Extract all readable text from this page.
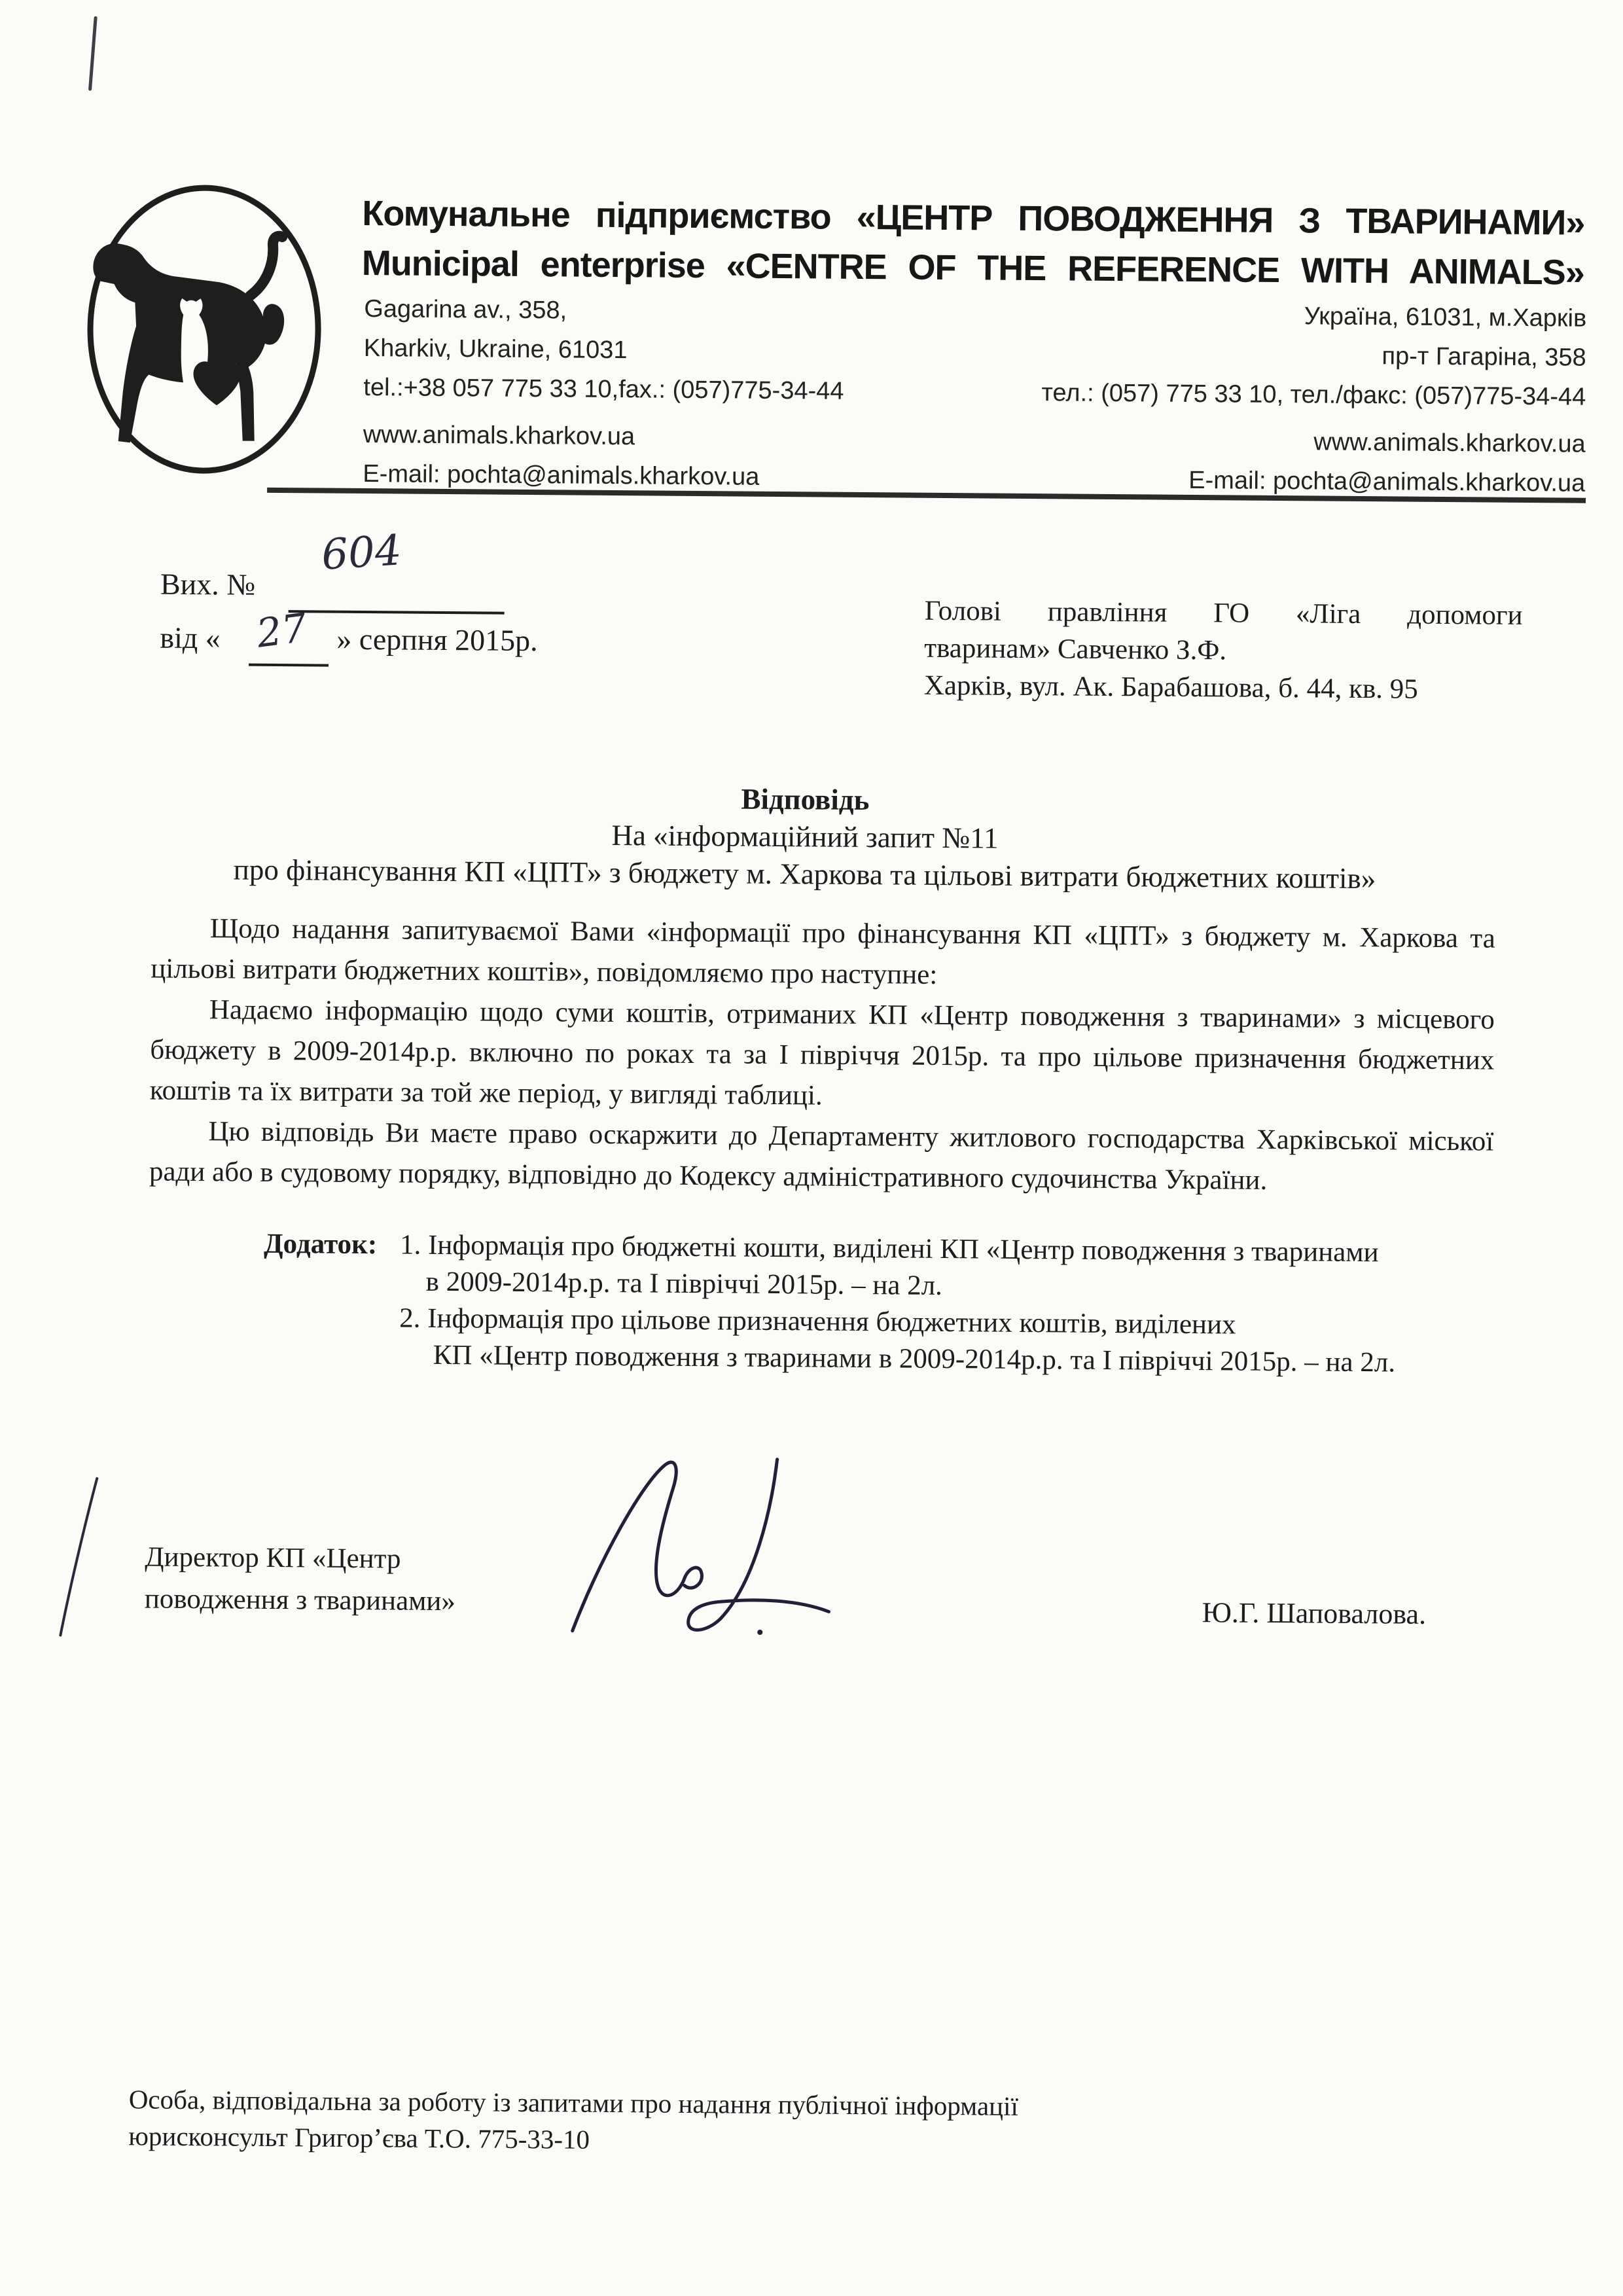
Комунальне підприємство «ЦЕНТР ПОВОДЖЕННЯ З ТВАРИНАМИ»
Municipal enterprise «CENTRE OF THE REFERENCE WITH ANIMALS»
Gagarina av., 358,
Kharkiv, Ukraine, 61031
tel.:+38 057 775 33 10,fax.: (057)775-34-44
www.animals.kharkov.ua
E-mail: pochta@animals.kharkov.ua
Україна, 61031, м.Харків
пр-т Гагаріна, 358
тел.: (057) 775 33 10, тел./факс: (057)775-34-44
www.animals.kharkov.ua
E-mail: pochta@animals.kharkov.ua
Вих. №
604
від « 27 » серпня 2015р.
Голові правління ГО «Ліга допомоги
тваринам» Савченко З.Ф.
Харків, вул. Ак. Барабашова, б. 44, кв. 95
Відповідь
На «інформаційний запит №11
про фінансування КП «ЦПТ» з бюджету м. Харкова та цільові витрати бюджетних коштів»

Щодо надання запитуваємої Вами «інформації про фінансування КП «ЦПТ» з бюджету м. Харкова та цільові витрати бюджетних коштів», повідомляємо про наступне:

Надаємо інформацію щодо суми коштів, отриманих КП «Центр поводження з тваринами» з місцевого бюджету в 2009-2014р.р. включно по роках та за І півріччя 2015р. та про цільове призначення бюджетних коштів та їх витрати за той же період, у вигляді таблиці.

Цю відповідь Ви маєте право оскаржити до Департаменту житлового господарства Харківської міської ради або в судовому порядку, відповідно до Кодексу адміністративного судочинства України.

Додаток: 1. Інформація про бюджетні кошти, виділені КП «Центр поводження з тваринами
в 2009-2014р.р. та І півріччі 2015р. – на 2л.
2. Інформація про цільове призначення бюджетних коштів, виділених
КП «Центр поводження з тваринами в 2009-2014р.р. та І півріччі 2015р. – на 2л.
Директор КП «Центр
поводження з тваринами»	Ю.Г. Шаповалова.
Особа, відповідальна за роботу із запитами про надання публічної інформації
юрисконсульт Григор’єва Т.О. 775-33-10
